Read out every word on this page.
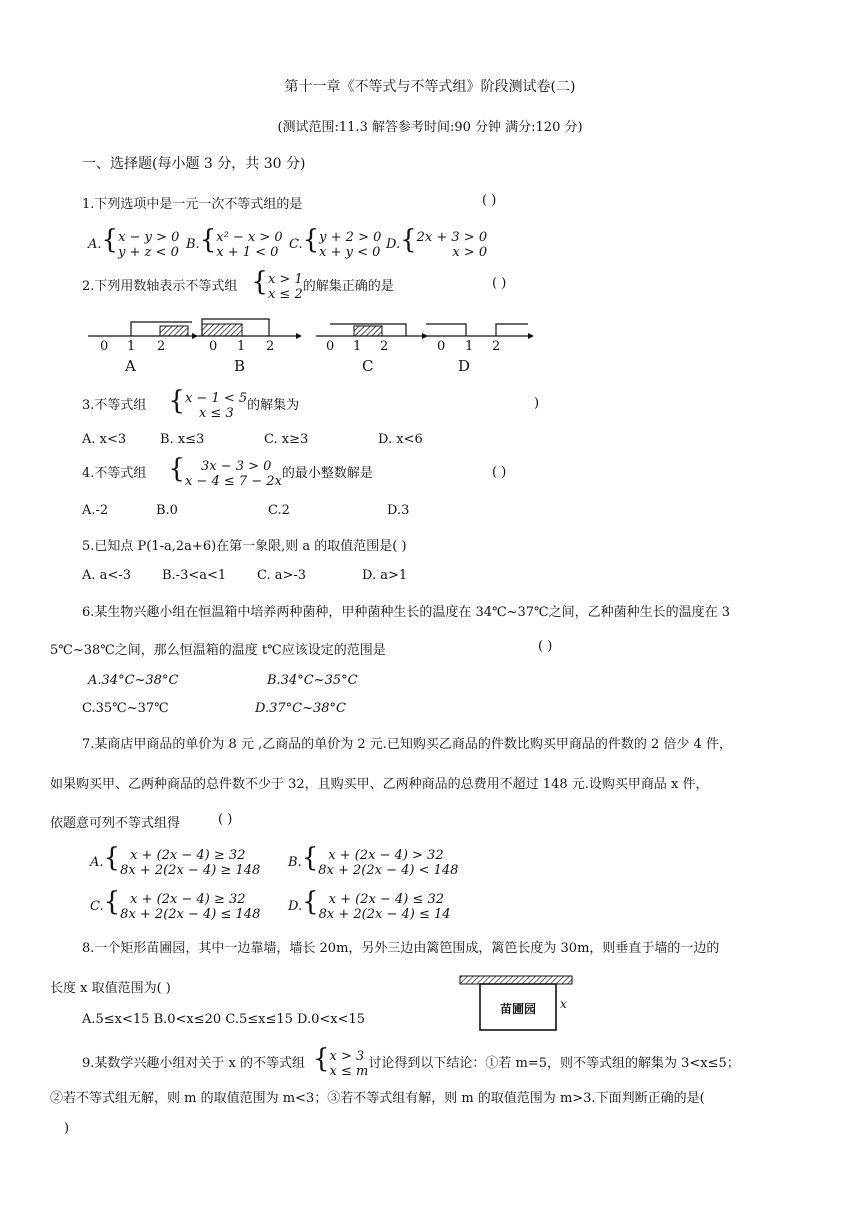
第十一章《不等式与不等式组》阶段测试卷(二)
(测试范围:11.3 解答参考时间:90 分钟 满分:120 分)
一、选择题(每小题 3 分，共 30 分)
1.下列选项中是一元一次不等式组的是	( )
A.{ x − y > 0
y + z < 0 B.{ x² − x > 0
x + 1 < 0 C.{ y + 2 > 0
x + y < 0 D.{ 2x + 3 > 0
x > 0
2.下列用数轴表示不等式组 { x > 1
x ≤ 2 的解集正确的是	( )
0 1 2	0 1 2	0 1 2	0 1 2
A	B	C	D
3.不等式组 { x − 1 < 5
x ≤ 3	的解集为	)
A. x<3	B. x≤3	C. x≥3	D. x<6
4.不等式组 {	3x − 3 > 0
x − 4 ≤ 7 − 2x 的最小整数解是	( )
A.-2	B.0	C.2	D.3
5.已知点 P(1-a,2a+6)在第一象限,则 a 的取值范围是( )
A. a<-3 B.-3<a<1 C. a>-3	D. a>1
6.某生物兴趣小组在恒温箱中培养两种菌种，甲种菌种生长的温度在 34℃~37℃之间，乙种菌种生长的温度在 3
5℃~38℃之间，那么恒温箱的温度 t℃应该设定的范围是	( )
A.34°C~38°C	B.34°C~35°C
C.35℃~37℃	D.37°C~38°C
7.某商店甲商品的单价为 8 元 ,乙商品的单价为 2 元.已知购买乙商品的件数比购买甲商品的件数的 2 倍少 4 件，
如果购买甲、乙两种商品的总件数不少于 32，且购买甲、乙两种商品的总费用不超过 148 元.设购买甲商品 x 件，
依题意可列不等式组得	( )
A.{ x + (2x − 4) ≥ 32
8x + 2(2x − 4) ≥ 148 B.{ x + (2x − 4) > 32
8x + 2(2x − 4) < 148
C.{ x + (2x − 4) ≥ 32
8x + 2(2x − 4) ≤ 148 D.{ x + (2x − 4) ≤ 32
8x + 2(2x − 4) ≤ 14
8.一个矩形苗圃园，其中一边靠墙，墙长 20m，另外三边由篱笆围成，篱笆长度为 30m，则垂直于墙的一边的
长度 x 取值范围为( )
A.5≤x<15 B.0<x≤20 C.5≤x≤15 D.0<x<15
苗圃园	x
9.某数学兴趣小组对关于 x 的不等式组 { x > 3
x ≤ m 讨论得到以下结论：①若 m=5，则不等式组的解集为 3<x≤5；
②若不等式组无解，则 m 的取值范围为 m<3；③若不等式组有解，则 m 的取值范围为 m>3.下面判断正确的是(
)
